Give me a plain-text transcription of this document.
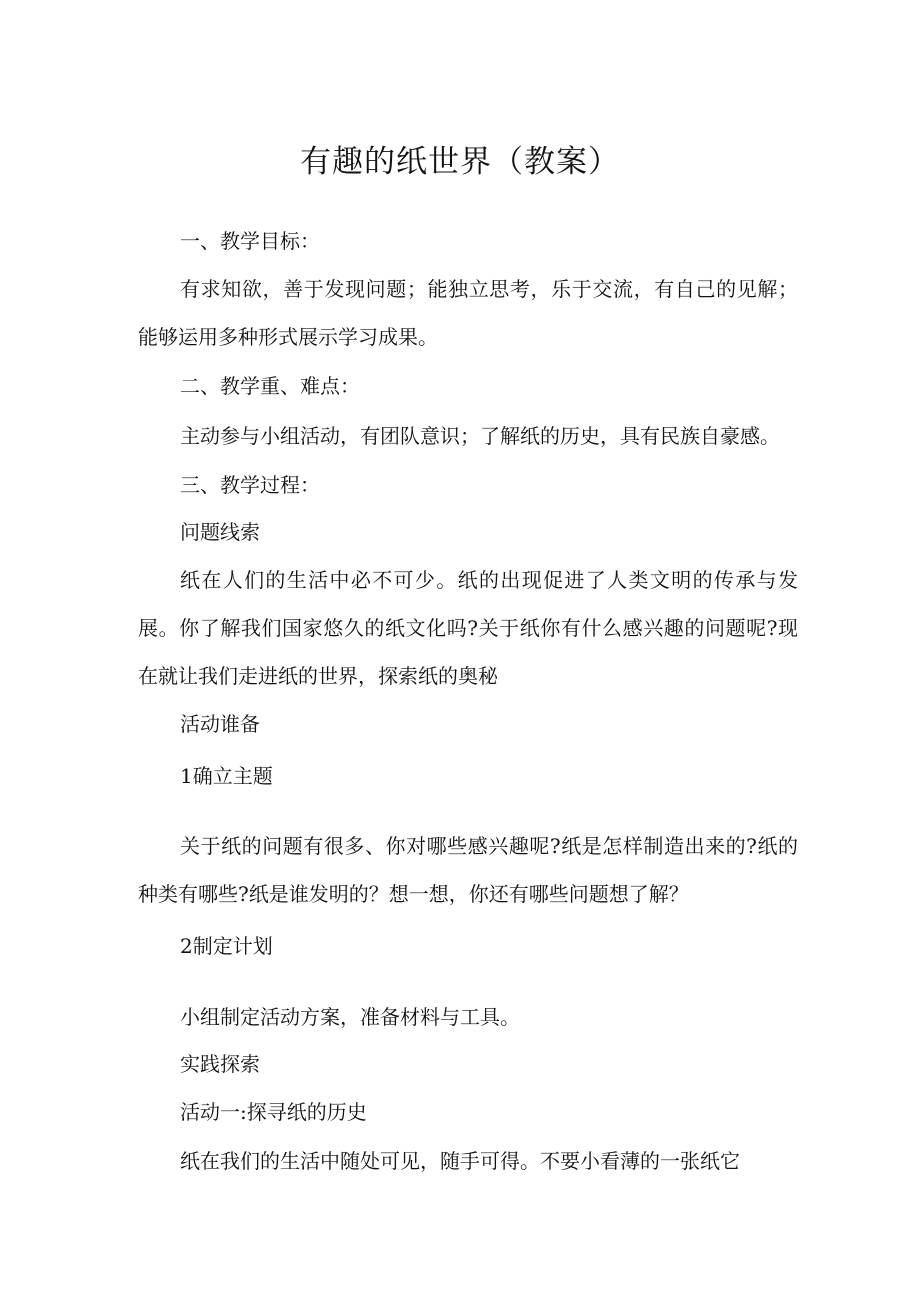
有趣的纸世界（教案）
一、教学目标：
有求知欲，善于发现问题；能独立思考，乐于交流，有自己的见解；能够运用多种形式展示学习成果。
二、教学重、难点：
主动参与小组活动，有团队意识；了解纸的历史，具有民族自豪感。
三、教学过程：
问题线索
纸在人们的生活中必不可少。纸的出现促进了人类文明的传承与发展。你了解我们国家悠久的纸文化吗?关于纸你有什么感兴趣的问题呢?现在就让我们走进纸的世界，探索纸的奥秘
活动谁备
1确立主题
关于纸的问题有很多、你对哪些感兴趣呢?纸是怎样制造出来的?纸的种类有哪些?纸是谁发明的？想一想，你还有哪些问题想了解？
2制定计划
小组制定活动方案，准备材料与工具。
实践探索
活动一:探寻纸的历史
纸在我们的生活中随处可见，随手可得。不要小看薄的一张纸它
